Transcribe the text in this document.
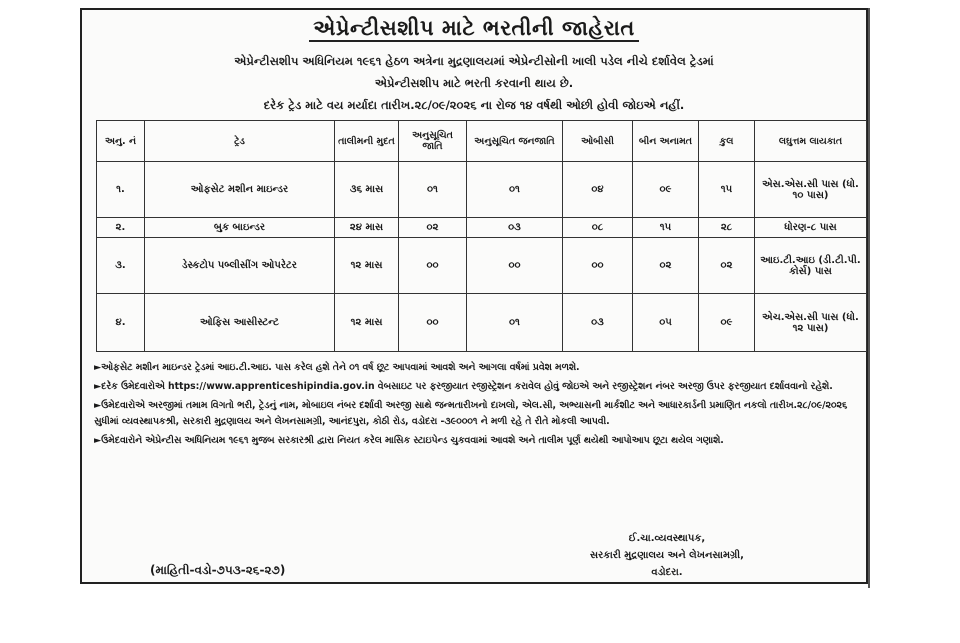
એપ્રેન્ટીસશીપ માટે ભરતીની જાહેરાત
એપ્રેન્ટીસશીપ અધિનિયમ ૧૯૬૧ હેઠળ અત્રેના મુદ્રણાલયમાં એપ્રેન્ટીસોની ખાલી પડેલ નીચે દર્શાવેલ ટ્રેડમાં
એપ્રેન્ટીસશીપ માટે ભરતી કરવાની થાય છે.
દરેક ટ્રેડ માટે વય મર્યાદા તારીખ.૨૮/૦૯/૨૦૨૬ ના રોજ ૧૪ વર્ષથી ઓછી હોવી જોઇએ નહીં.
અનુ. નં	ટ્રેડ	તાલીમની મુદત	અનુસૂચિત જાતિ	અનુસૂચિત જનજાતિ	ઓબીસી	બીન અનામત	કુલ	લઘુત્તમ લાયકાત
૧.	ઓફસેટ મશીન માઇન્ડર	૩૬ માસ	૦૧	૦૧	૦૪	૦૯	૧૫	એસ.એસ.સી પાસ (ધો. ૧૦ પાસ)
૨.	બુક બાઇન્ડર	૨૪ માસ	૦૨	૦૩	૦૮	૧૫	૨૮	ધોરણ-૮ પાસ
૩.	ડેસ્કટોપ પબ્લીસીંગ ઓપરેટર	૧૨ માસ	૦૦	૦૦	૦૦	૦૨	૦૨	આઇ.ટી.આઇ (ડી.ટી.પી. કોર્સ) પાસ
૪.	ઓફિસ આસીસ્ટન્ટ	૧૨ માસ	૦૦	૦૧	૦૩	૦૫	૦૯	એચ.એસ.સી પાસ (ધો. ૧૨ પાસ)

►ઓફસેટ મશીન માઇન્ડર ટ્રેડમાં આઇ.ટી.આઇ. પાસ કરેલ હશે તેને ૦૧ વર્ષ છૂટ આપવામાં આવશે અને આગલા વર્ષમાં પ્રવેશ મળશે.

►દરેક ઉમેદવારોએ https://www.apprenticeshipindia.gov.in વેબસાઇટ પર ફરજીયાત રજીસ્ટ્રેશન કરાવેલ હોવું જોઇએ અને રજીસ્ટ્રેશન નંબર અરજી ઉપર ફરજીયાત દર્શાવવાનો રહેશે.

►ઉમેદવારોએ અરજીમાં તમામ વિગતો ભરી, ટ્રેડનું નામ, મોબાઇલ નંબર દર્શાવી અરજી સાથે જન્મતારીખનો દાખલો, એલ.સી, અભ્યાસની માર્કશીટ અને આધારકાર્ડની પ્રમાણિત નકલો તારીખ.૨૮/૦૯/૨૦૨૬ સુધીમાં વ્યવસ્થાપકશ્રી, સરકારી મુદ્રણાલય અને લેખનસામગ્રી, આનંદપુરા, કોઠી રોડ, વડોદરા -૩૯૦૦૦૧ ને મળી રહે તે રીતે મોકલી આપવી.

►ઉમેદવારોને એપ્રેન્ટીસ અધિનિયમ ૧૯૬૧ મુજબ સરકારશ્રી દ્વારા નિયત કરેલ માસિક સ્ટાઇપેન્ડ ચુકવવામાં આવશે અને તાલીમ પૂર્ણ થયેથી આપોઆપ છૂટા થયેલ ગણાશે.

ઈ.ચા.વ્યવસ્થાપક,
સરકારી મુદ્રણાલય અને લેખનસામગ્રી,
વડોદરા.
(માહિતી-વડો-૭૫૩-૨૬-૨૭)
